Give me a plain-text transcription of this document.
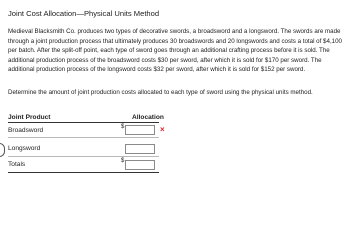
Joint Cost Allocation—Physical Units Method

Medieval Blacksmith Co. produces two types of decorative swords, a broadsword and a longsword. The swords are made through a joint production process that ultimately produces 30 broadswords and 20 longswords and costs a total of $4,100 per batch. After the split-off point, each type of sword goes through an additional crafting process before it is sold. The additional production process of the broadsword costs $30 per sword, after which it is sold for $170 per sword. The additional production process of the longsword costs $32 per sword, after which it is sold for $152 per sword.

Determine the amount of joint production costs allocated to each type of sword using the physical units method.

Joint Product	Allocation
Broadsword	$	×
Longsword
Totals	$
